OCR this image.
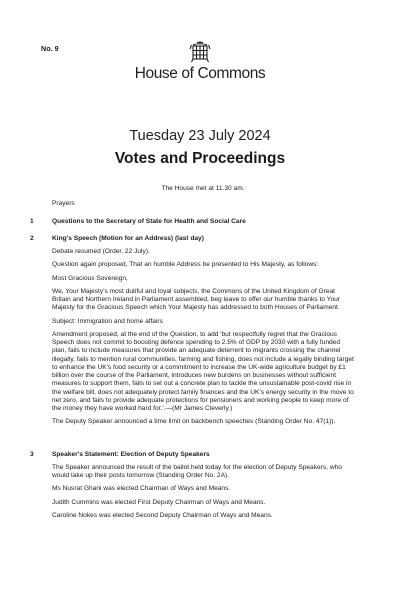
No. 9
House of Commons
Tuesday 23 July 2024
Votes and Proceedings

The House met at 11.30 am.

Prayers

1	Questions to the Secretary of State for Health and Social Care
2	King's Speech (Motion for an Address) (last day)

Debate resumed (Order, 22 July).

Question again proposed, That an humble Address be presented to His Majesty, as follows:

Most Gracious Sovereign,

We, Your Majesty's most dutiful and loyal subjects, the Commons of the United Kingdom of Great Britain and Northern Ireland in Parliament assembled, beg leave to offer our humble thanks to Your Majesty for the Gracious Speech which Your Majesty has addressed to both Houses of Parliament.

Subject: Immigration and home affairs

Amendment proposed, at the end of the Question, to add 'but respectfully regret that the Gracious Speech does not commit to boosting defence spending to 2.5% of GDP by 2030 with a fully funded plan, fails to include measures that provide an adequate deterrent to migrants crossing the channel illegally, fails to mention rural communities, farming and fishing, does not include a legally binding target to enhance the UK's food security or a commitment to increase the UK-wide agriculture budget by £1 billion over the course of the Parliament, introduces new burdens on businesses without sufficient measures to support them, fails to set out a concrete plan to tackle the unsustainable post-covid rise in the welfare bill, does not adequately protect family finances and the UK's energy security in the move to net zero, and fails to provide adequate protections for pensioners and working people to keep more of the money they have worked hard for.'.—(Mr James Cleverly.)

The Deputy Speaker announced a time limit on backbench speeches (Standing Order No. 47(1)).

3	Speaker's Statement: Election of Deputy Speakers

The Speaker announced the result of the ballot held today for the election of Deputy Speakers, who would take up their posts tomorrow (Standing Order No. 2A).

Ms Nusrat Ghani was elected Chairman of Ways and Means.

Judith Cummins was elected First Deputy Chairman of Ways and Means.

Caroline Nokes was elected Second Deputy Chairman of Ways and Means.
